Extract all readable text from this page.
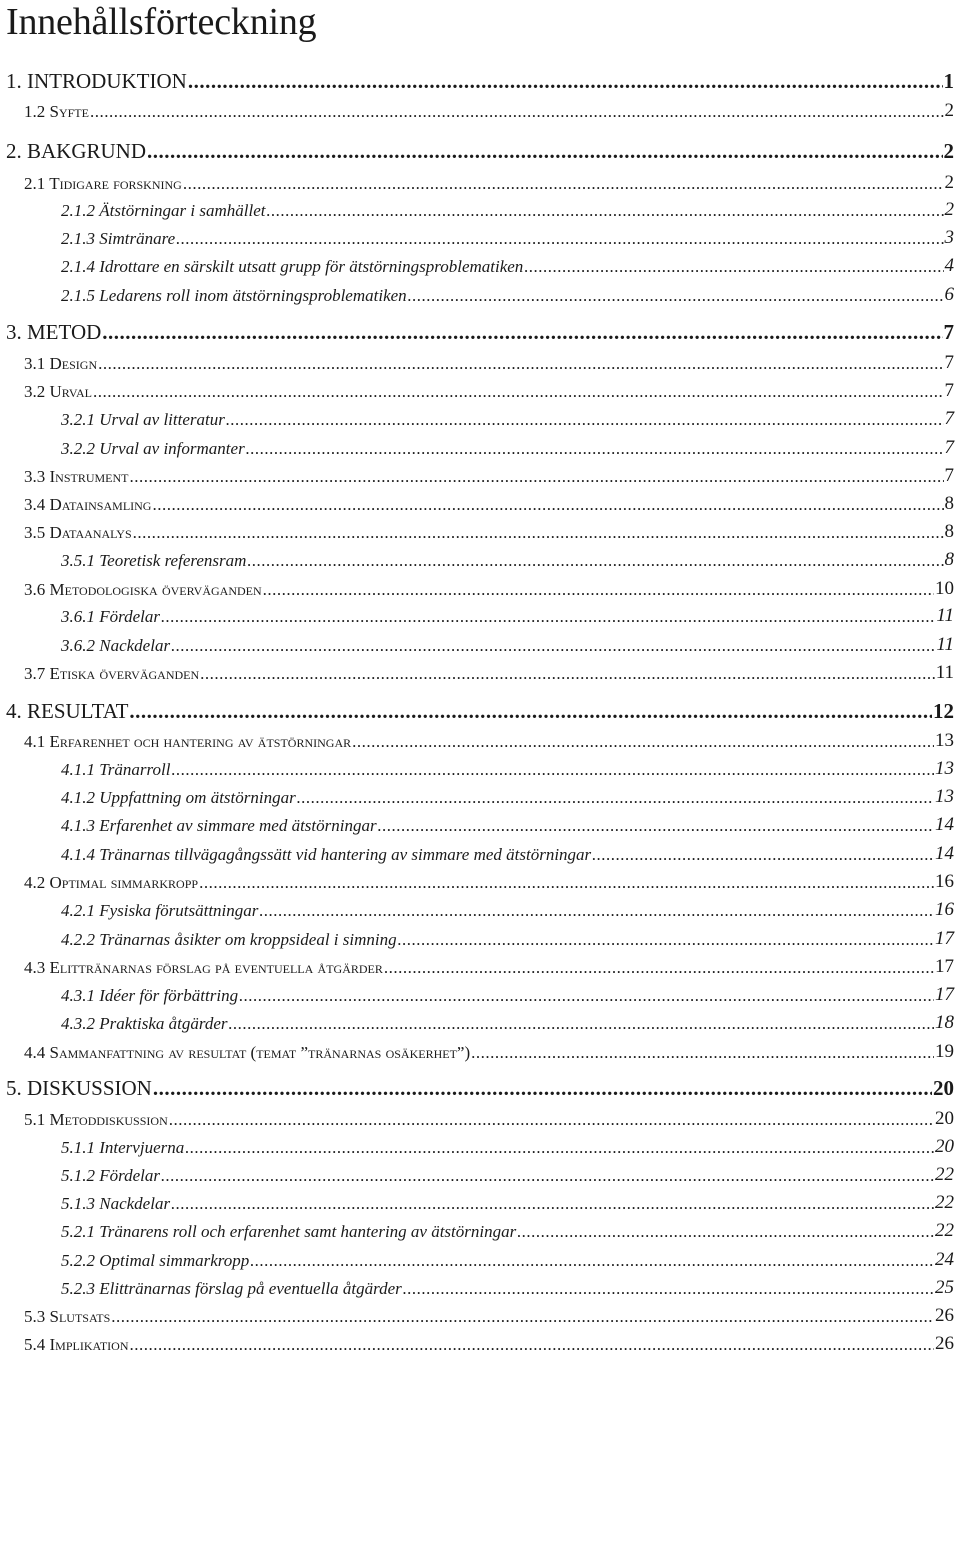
Innehållsförteckning
1. INTRODUKTION .....	1
1.2 Syfte .....	2
2. BAKGRUND .....	2
2.1 Tidigare forskning .....	2
2.1.2 Ätstörningar i samhället .....	2
2.1.3 Simtränare .....	3
2.1.4 Idrottare en särskilt utsatt grupp för ätstörningsproblematiken .....	4
2.1.5 Ledarens roll inom ätstörningsproblematiken .....	6
3. METOD .....	7
3.1 Design .....	7
3.2 Urval .....	7
3.2.1 Urval av litteratur .....	7
3.2.2 Urval av informanter .....	7
3.3 Instrument .....	7
3.4 Datainsamling .....	8
3.5 Dataanalys .....	8
3.5.1 Teoretisk referensram .....	8
3.6 Metodologiska överväganden .....	10
3.6.1 Fördelar .....	11
3.6.2 Nackdelar .....	11
3.7 Etiska överväganden .....	11
4. RESULTAT .....	12
4.1 Erfarenhet och hantering av ätstörningar .....	13
4.1.1 Tränarroll .....	13
4.1.2 Uppfattning om ätstörningar .....	13
4.1.3 Erfarenhet av simmare med ätstörningar .....	14
4.1.4 Tränarnas tillvägagångssätt vid hantering av simmare med ätstörningar .....	14
4.2 Optimal simmarkropp .....	16
4.2.1 Fysiska förutsättningar .....	16
4.2.2 Tränarnas åsikter om kroppsideal i simning .....	17
4.3 Elittränarnas förslag på eventuella åtgärder .....	17
4.3.1 Idéer för förbättring .....	17
4.3.2 Praktiska åtgärder .....	18
4.4 Sammanfattning av resultat (temat ”tränarnas osäkerhet”) .....	19
5. DISKUSSION .....	20
5.1 Metoddiskussion .....	20
5.1.1 Intervjuerna .....	20
5.1.2 Fördelar .....	22
5.1.3 Nackdelar .....	22
5.2.1 Tränarens roll och erfarenhet samt hantering av ätstörningar .....	22
5.2.2 Optimal simmarkropp .....	24
5.2.3 Elittränarnas förslag på eventuella åtgärder .....	25
5.3 Slutsats .....	26
5.4 Implikation .....	26
